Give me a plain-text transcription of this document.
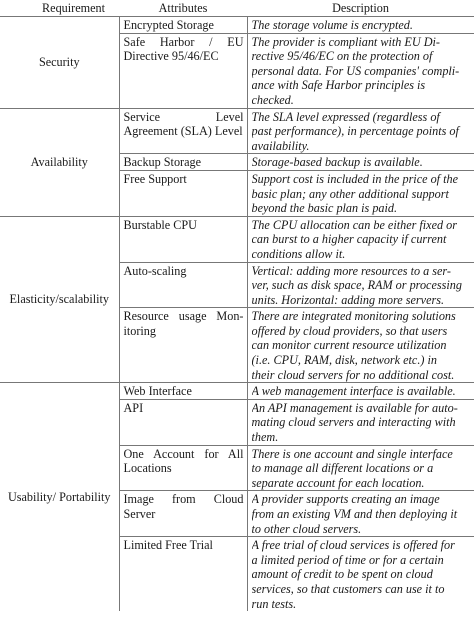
Requirement	Attributes	Description
Security	Encrypted Storage	The storage volume is encrypted.

	Safe Harbor / EU Directive 95/46/EC	The provider is compliant with EU Di-
rective 95/46/EC on the protection of
personal data. For US companies' compli-
ance with Safe Harbor principles is
checked.

Availability	Service Level Agreement (SLA) Level	The SLA level expressed (regardless of
past performance), in percentage points of
availability.

	Backup Storage	Storage-based backup is available.

	Free Support	Support cost is included in the price of the
basic plan; any other additional support
beyond the basic plan is paid.

Elasticity/scalability	Burstable CPU	The CPU allocation can be either fixed or
can burst to a higher capacity if current
conditions allow it.

	Auto-scaling	Vertical: adding more resources to a ser-
ver, such as disk space, RAM or processing
units. Horizontal: adding more servers.

	Resource usage Mon- itoring	There are integrated monitoring solutions
offered by cloud providers, so that users
can monitor current resource utilization
(i.e. CPU, RAM, disk, network etc.) in
their cloud servers for no additional cost.

Usability/ Portability	Web Interface	A web management interface is available.

	API	An API management is available for auto-
mating cloud servers and interacting with
them.

	One Account for All Locations	There is one account and single interface
to manage all different locations or a
separate account for each location.

	Image from Cloud Server	A provider supports creating an image
from an existing VM and then deploying it
to other cloud servers.

	Limited Free Trial	A free trial of cloud services is offered for
a limited period of time or for a certain
amount of credit to be spent on cloud
services, so that customers can use it to
run tests.
